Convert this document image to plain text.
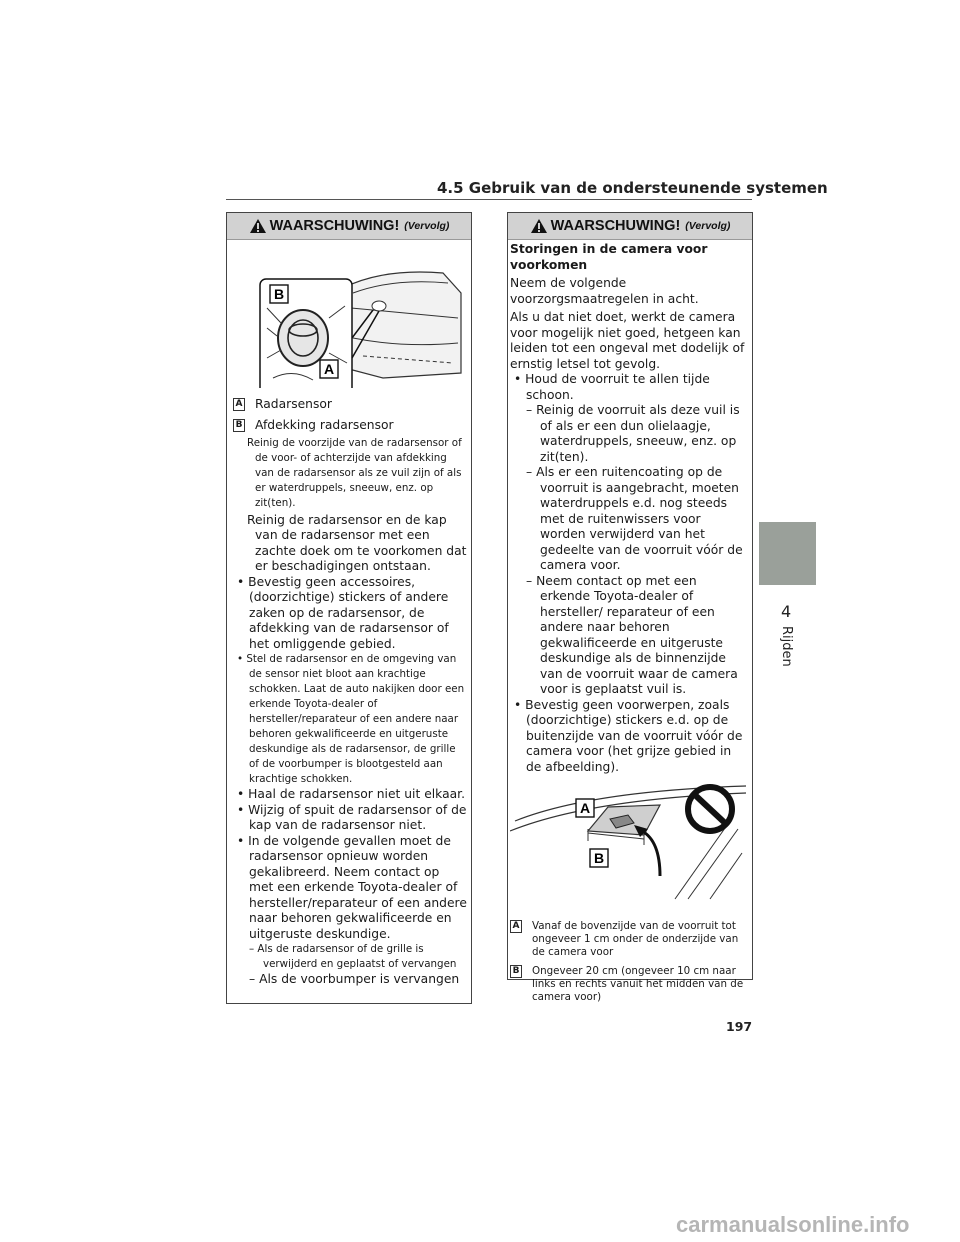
4.5 Gebruik van de ondersteunende systemen
WAARSCHUWING! (Vervolg)
B
A

A Radarsensor

B Afdekking radarsensor

Reinig de voorzijde van de radarsensor of de voor- of achterzijde van afdekking van de radarsensor als ze vuil zijn of als er waterdruppels, sneeuw, enz. op zit(ten).

Reinig de radarsensor en de kap van de radarsensor met een zachte doek om te voorkomen dat er beschadigingen ontstaan.

• Bevestig geen accessoires, (doorzichtige) stickers of andere zaken op de radarsensor, de afdekking van de radarsensor of het omliggende gebied.

• Stel de radarsensor en de omgeving van de sensor niet bloot aan krachtige schokken. Laat de auto nakijken door een erkende Toyota-dealer of hersteller/reparateur of een andere naar behoren gekwalificeerde en uitgeruste deskundige als de radarsensor, de grille of de voorbumper is blootgesteld aan krachtige schokken.

• Haal de radarsensor niet uit elkaar.

• Wijzig of spuit de radarsensor of de kap van de radarsensor niet.

• In de volgende gevallen moet de radarsensor opnieuw worden gekalibreerd. Neem contact op met een erkende Toyota-dealer of hersteller/reparateur of een andere naar behoren gekwalificeerde en uitgeruste deskundige.

– Als de radarsensor of de grille is verwijderd en geplaatst of vervangen

– Als de voorbumper is vervangen

WAARSCHUWING! (Vervolg)

Storingen in de camera voor voorkomen

Neem de volgende voorzorgsmaatregelen in acht.

Als u dat niet doet, werkt de camera voor mogelijk niet goed, hetgeen kan leiden tot een ongeval met dodelijk of ernstig letsel tot gevolg.

• Houd de voorruit te allen tijde schoon.

– Reinig de voorruit als deze vuil is of als er een dun olielaagje, waterdruppels, sneeuw, enz. op zit(ten).

– Als er een ruitencoating op de voorruit is aangebracht, moeten waterdruppels e.d. nog steeds met de ruitenwissers voor worden verwijderd van het gedeelte van de voorruit vóór de camera voor.

– Neem contact op met een erkende Toyota-dealer of hersteller/ reparateur of een andere naar behoren gekwalificeerde en uitgeruste deskundige als de binnenzijde van de voorruit waar de camera voor is geplaatst vuil is.

• Bevestig geen voorwerpen, zoals (doorzichtige) stickers e.d. op de buitenzijde van de voorruit vóór de camera voor (het grijze gebied in de afbeelding).

A
B
A Vanaf de bovenzijde van de voorruit tot ongeveer 1 cm onder de onderzijde van de camera voor
B Ongeveer 20 cm (ongeveer 10 cm naar links en rechts vanuit het midden van de camera voor)
4
Rijden
197
carmanualsonline.info
